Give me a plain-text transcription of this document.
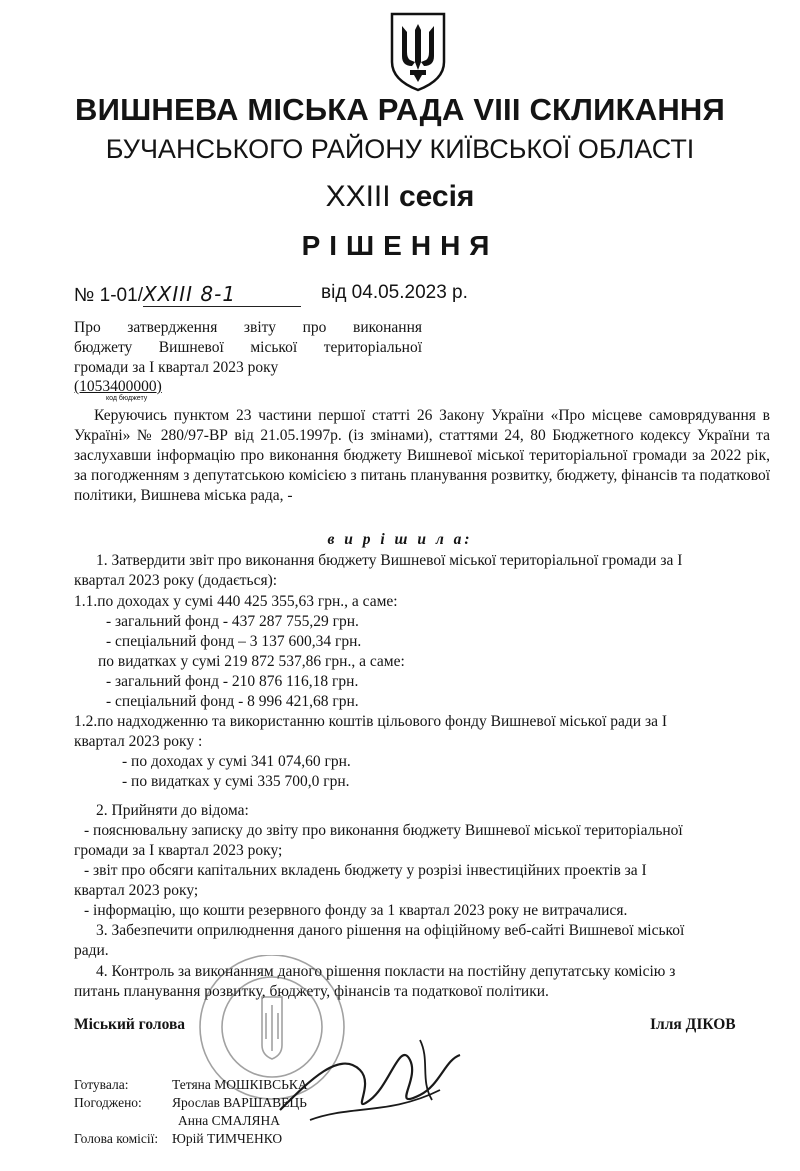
ВИШНЕВА МІСЬКА РАДА VIII СКЛИКАННЯ
БУЧАНСЬКОГО РАЙОНУ КИЇВСЬКОЇ ОБЛАСТІ
XXIII сесія
РІШЕННЯ
№ 1-01/XXIII 8-1	від 04.05.2023 р.
Про затвердження звіту про виконання
бюджету Вишневої міської територіальної
громади за I квартал 2023 року
(1053400000)
код бюджету
Керуючись пунктом 23 частини першої статті 26 Закону України «Про місцеве самоврядування в Україні» № 280/97-ВР від 21.05.1997р. (із змінами), статтями 24, 80 Бюджетного кодексу України та заслухавши інформацію про виконання бюджету Вишневої міської територіальної громади за 2022 рік, за погодженням з депутатською комісією з питань планування розвитку, бюджету, фінансів та податкової політики, Вишнева міська рада, -
в и р і ш и л а:
1. Затвердити звіт про виконання бюджету Вишневої міської територіальної громади за I
квартал 2023 року (додається):
1.1.по доходах у сумі 440 425 355,63 грн., а саме:
- загальний фонд - 437 287 755,29 грн.
- спеціальний фонд – 3 137 600,34 грн.
по видатках у сумі 219 872 537,86 грн., а саме:
- загальний фонд - 210 876 116,18 грн.
- спеціальний фонд - 8 996 421,68 грн.
1.2.по надходженню та використанню коштів цільового фонду Вишневої міської ради за I
квартал 2023 року :
- по доходах у сумі 341 074,60 грн.
- по видатках у сумі 335 700,0 грн.
2. Прийняти до відома:
- пояснювальну записку до звіту про виконання бюджету Вишневої міської територіальної
громади за I квартал 2023 року;
- звіт про обсяги капітальних вкладень бюджету у розрізі інвестиційних проектів за I
квартал 2023 року;
- інформацію, що кошти резервного фонду за 1 квартал 2023 року не витрачалися.
3. Забезпечити оприлюднення даного рішення на офіційному веб-сайті Вишневої міської
ради.
4. Контроль за виконанням даного рішення покласти на постійну депутатську комісію з
питань планування розвитку, бюджету, фінансів та податкової політики.
Міський голова	Ілля ДІКОВ
Готувала:	Тетяна МОШКІВСЬКА
Погоджено: Ярослав ВАРШАВЕЦЬ
Анна СМАЛЯНА
Голова комісії: Юрій ТИМЧЕНКО
